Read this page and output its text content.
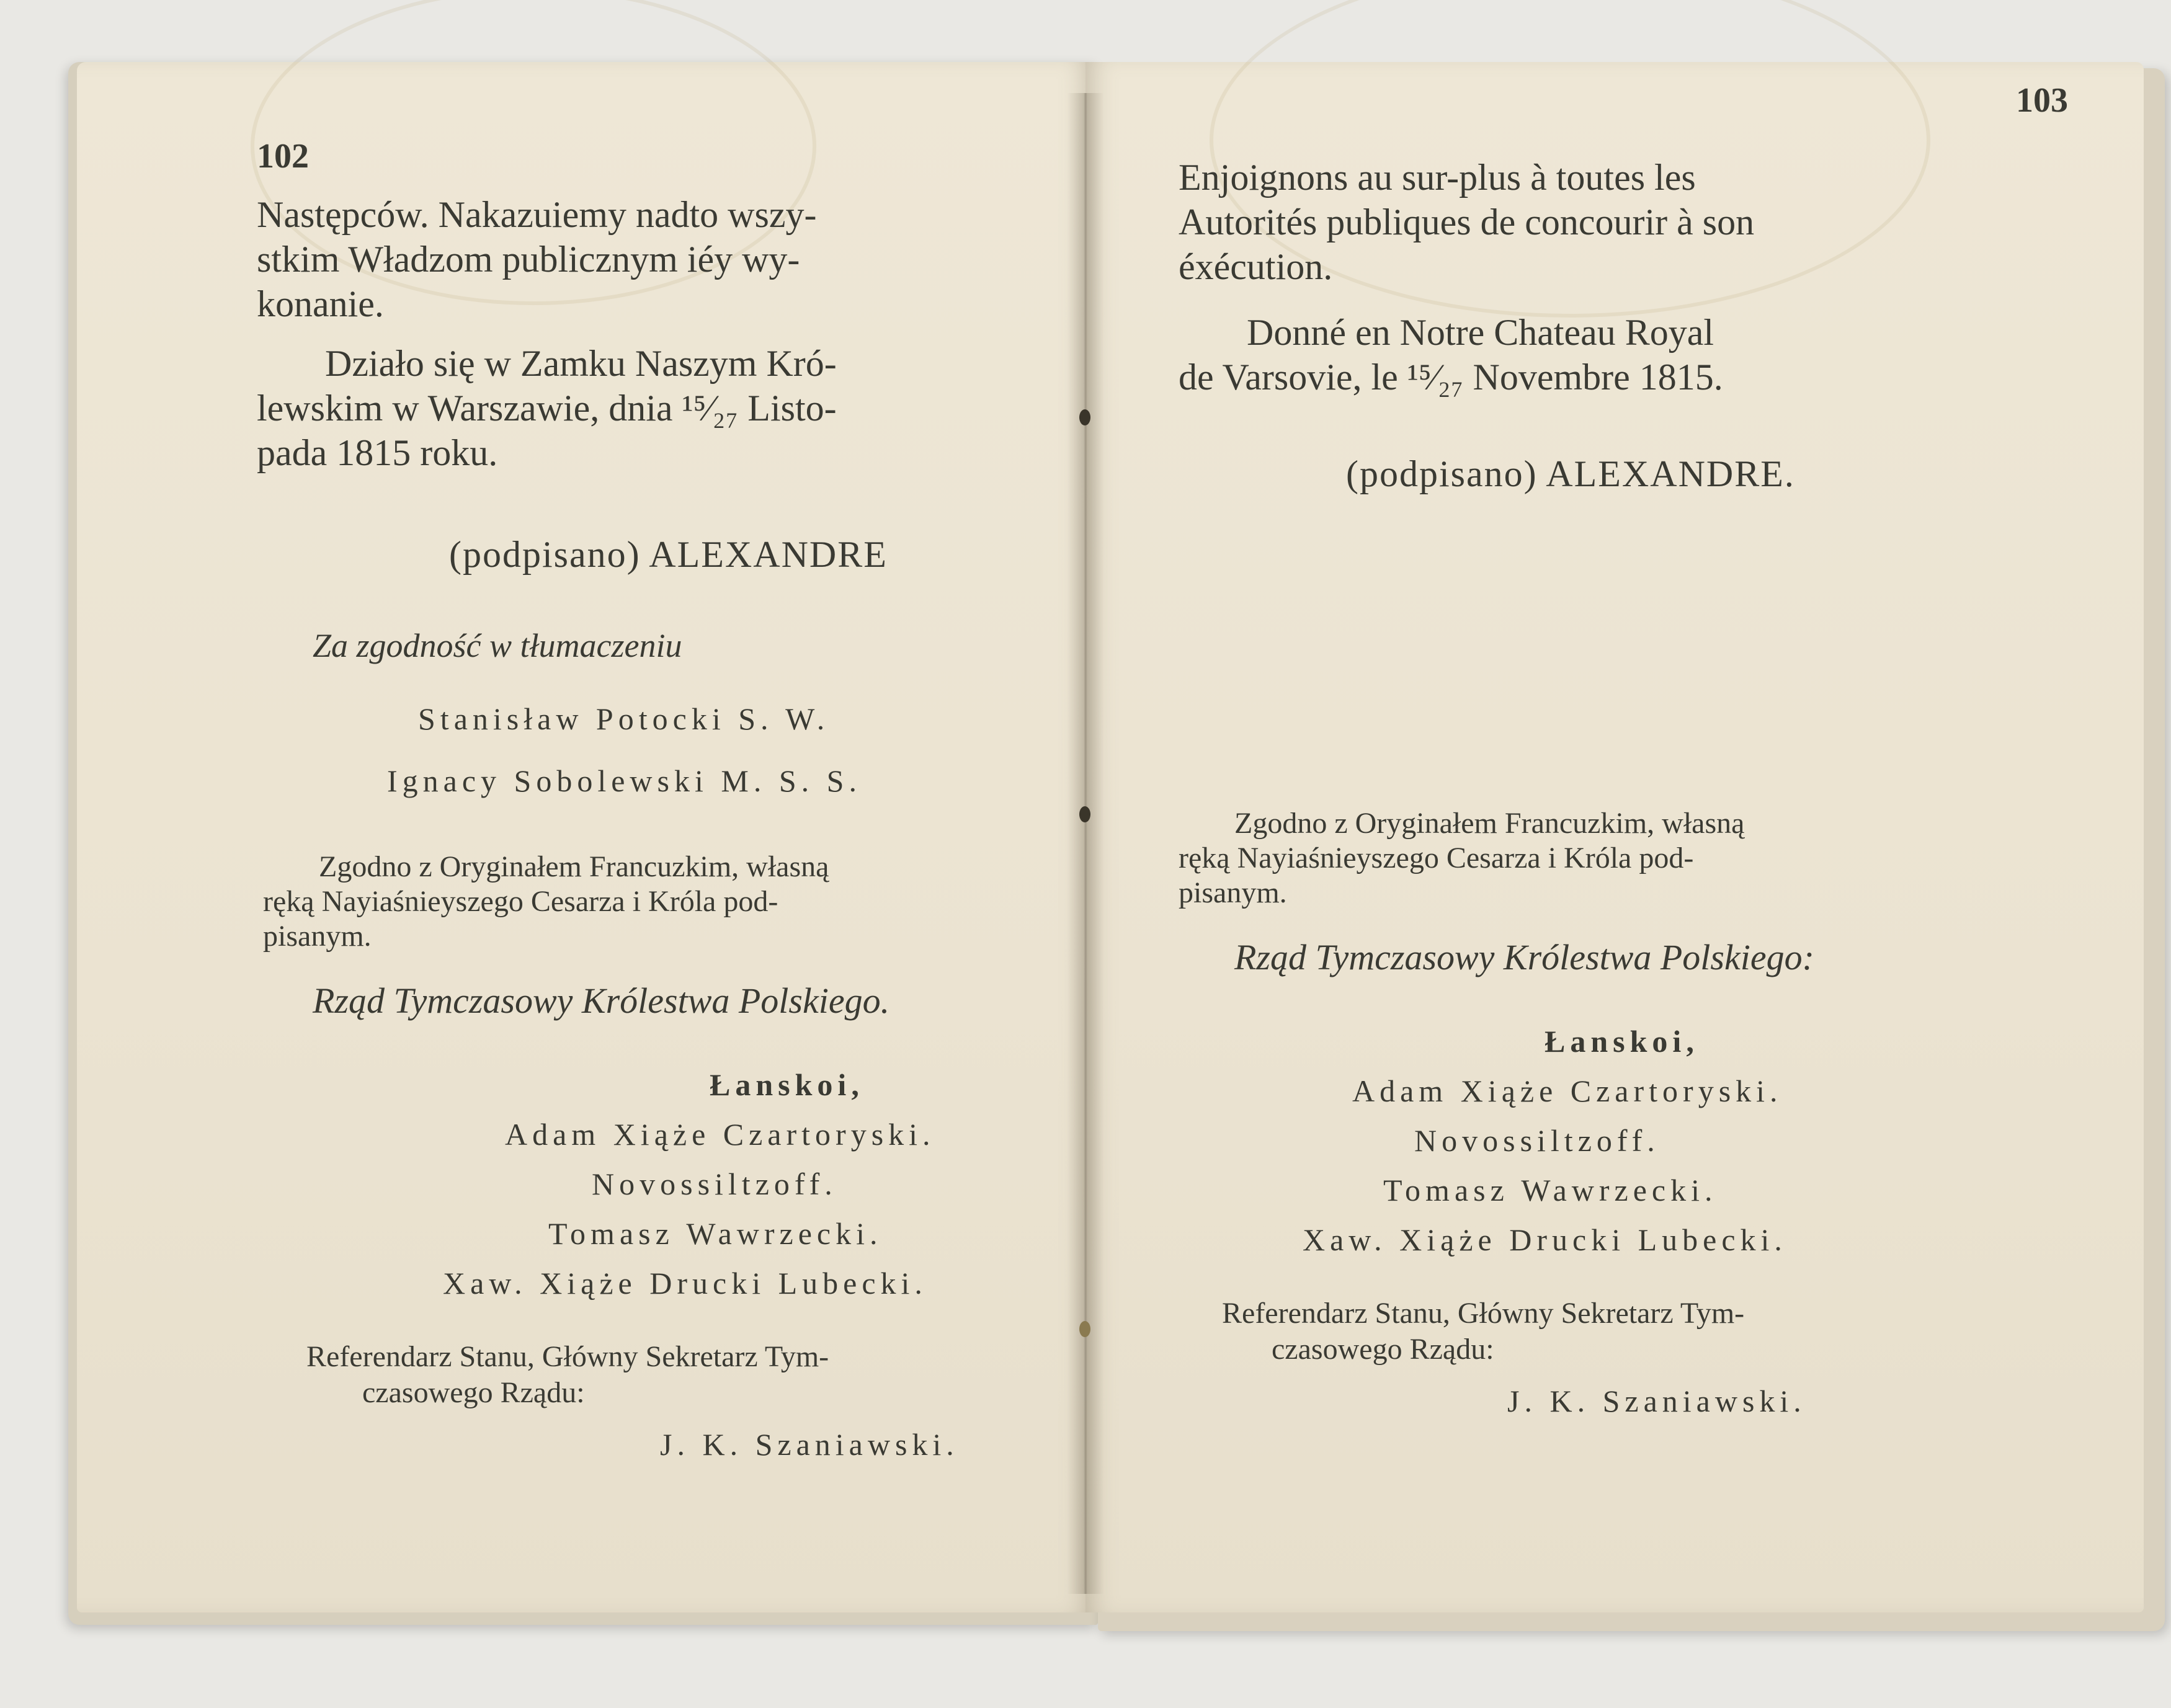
102
Następców. Nakazuiemy nadto wszy-
stkim Władzom publicznym iéy wy-
konanie.
Działo się w Zamku Naszym Kró-
lewskim w Warszawie, dnia ¹⁵⁄₂₇ Listo-
pada 1815 roku.
(podpisano) ALEXANDRE
Za zgodność w tłumaczeniu
Stanisław Potocki S. W.
Ignacy Sobolewski M. S. S.
Zgodno z Oryginałem Francuzkim, własną
ręką Nayiaśnieyszego Cesarza i Króla pod-
pisanym.
Rząd Tymczasowy Królestwa Polskiego.
Łanskoi,
Adam Xiąże Czartoryski.
Novossiltzoff.
Tomasz Wawrzecki.
Xaw. Xiąże Drucki Lubecki.
Referendarz Stanu, Główny Sekretarz Tym-
czasowego Rządu:
J. K. Szaniawski.
103
Enjoignons au sur-plus à toutes les
Autorités publiques de concourir à son
éxécution.
Donné en Notre Chateau Royal
de Varsovie, le ¹⁵⁄₂₇ Novembre 1815.
(podpisano) ALEXANDRE.
Zgodno z Oryginałem Francuzkim, własną
ręką Nayiaśnieyszego Cesarza i Króla pod-
pisanym.
Rząd Tymczasowy Królestwa Polskiego:
Łanskoi,
Adam Xiąże Czartoryski.
Novossiltzoff.
Tomasz Wawrzecki.
Xaw. Xiąże Drucki Lubecki.
Referendarz Stanu, Główny Sekretarz Tym-
czasowego Rządu:
J. K. Szaniawski.
